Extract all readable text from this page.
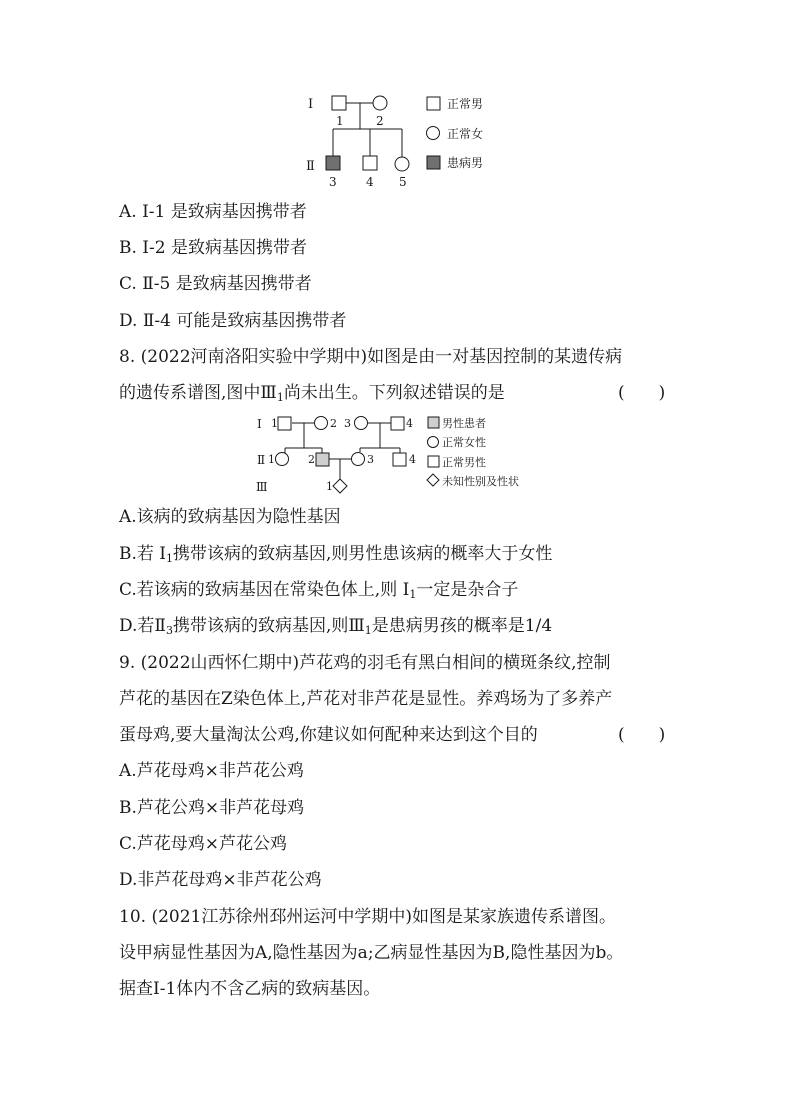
Ⅰ
Ⅱ
1	2
3 4 5
正常男
正常女
患病男
A. Ⅰ-1 是致病基因携带者
B. Ⅰ-2 是致病基因携带者
C. Ⅱ-5 是致病基因携带者
D. Ⅱ-4 可能是致病基因携带者
8. (2022河南洛阳实验中学期中)如图是由一对基因控制的某遗传病
的遗传系谱图,图中$Ⅲ_1$尚未出生。下列叙述错误的是	(　　)
Ⅰ
Ⅱ
Ⅲ
1	2 3	4
1	2	3	4
1
男性患者
正常女性
正常男性
未知性别及性状
A.该病的致病基因为隐性基因
B.若 $Ⅰ_1$携带该病的致病基因,则男性患该病的概率大于女性
C.若该病的致病基因在常染色体上,则 $Ⅰ_1$一定是杂合子
D.若$Ⅱ_3$携带该病的致病基因,则$Ⅲ_1$是患病男孩的概率是1/4
9. (2022山西怀仁期中)芦花鸡的羽毛有黑白相间的横斑条纹,控制
芦花的基因在Z染色体上,芦花对非芦花是显性。养鸡场为了多养产
蛋母鸡,要大量淘汰公鸡,你建议如何配种来达到这个目的	(　　)
A.芦花母鸡×非芦花公鸡
B.芦花公鸡×非芦花母鸡
C.芦花母鸡×芦花公鸡
D.非芦花母鸡×非芦花公鸡
10. (2021江苏徐州邳州运河中学期中)如图是某家族遗传系谱图。
设甲病显性基因为A,隐性基因为a;乙病显性基因为B,隐性基因为b。
据查Ⅰ-1体内不含乙病的致病基因。
